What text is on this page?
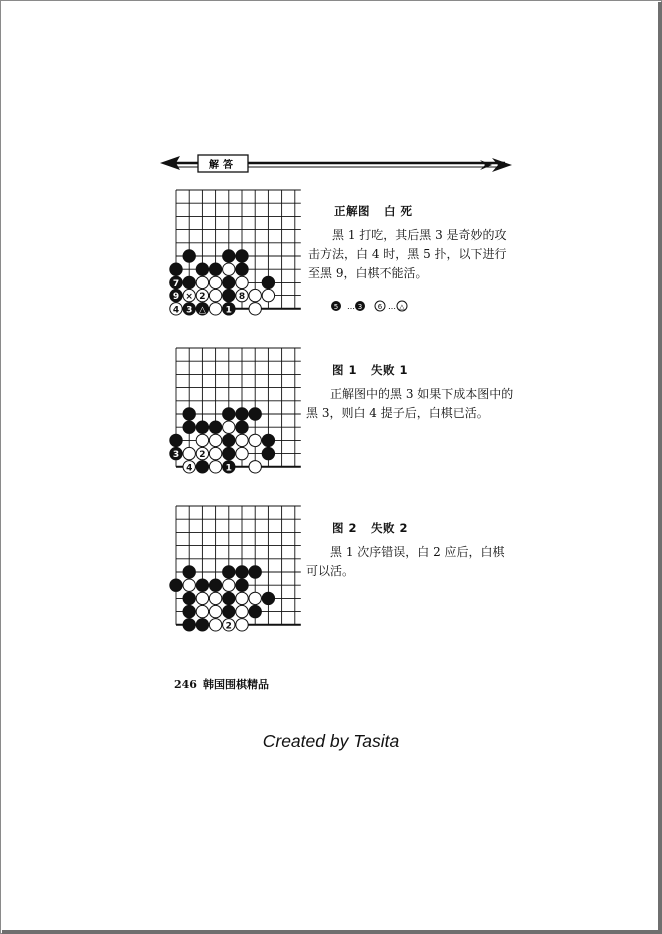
解答
7
9 × 2	8
4 3 △ 1
正解图 白 死
黑 1 打吃，其后黑 3 是奇妙的攻击方法，白 4 时，黑 5 扑，以下进行至黑 9，白棋不能活。
5 … 3 6 … △
3 2
4	1
图 1 失败 1
正解图中的黑 3 如果下成本图中的黑 3，则白 4 提子后，白棋已活。
2
图 2 失败 2
黑 1 次序错误，白 2 应后，白棋可以活。
246 韩国围棋精品
Created by Tasita
